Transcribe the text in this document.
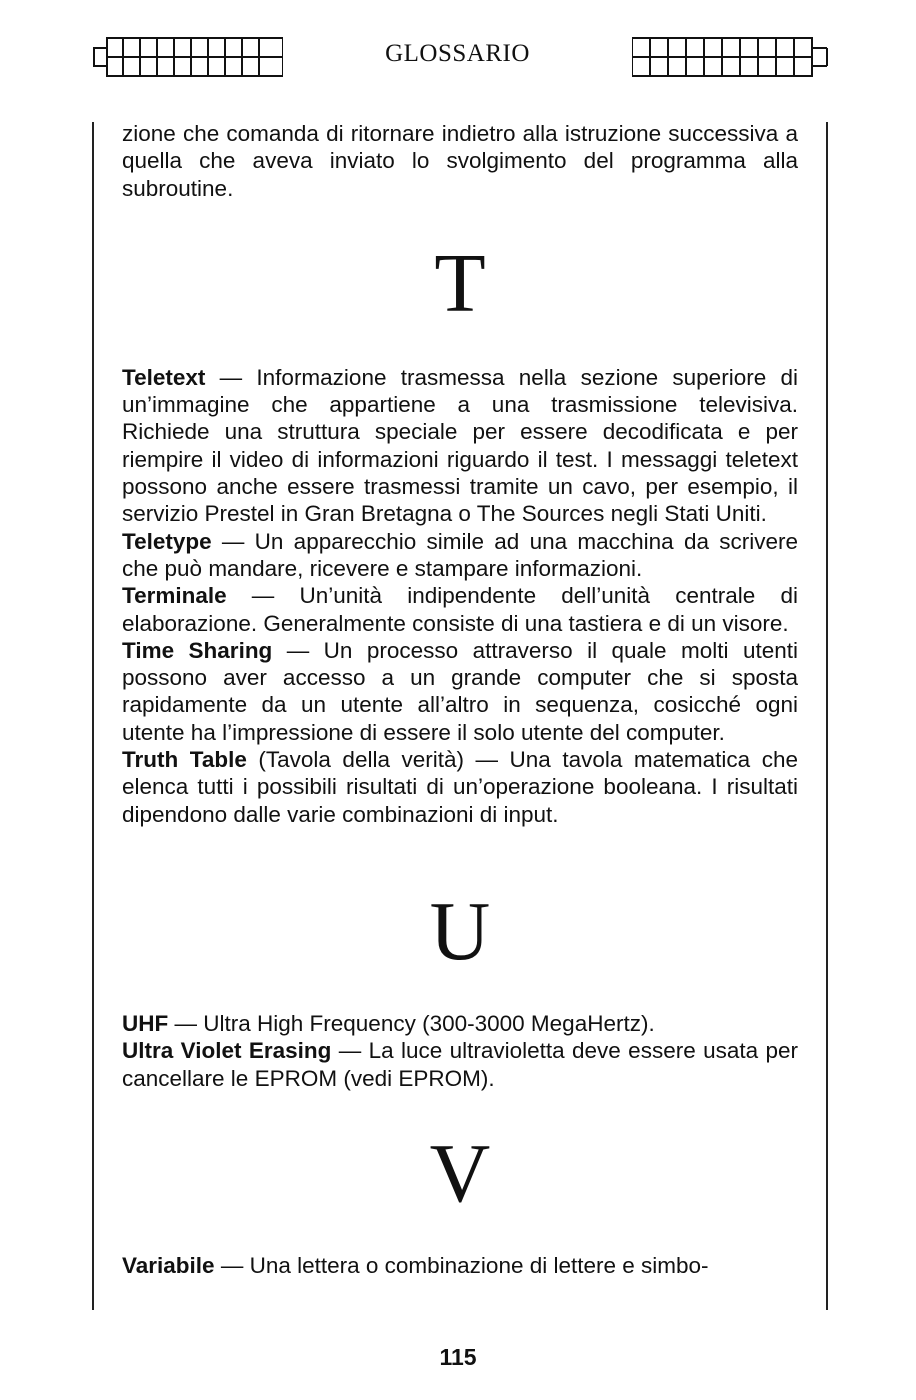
GLOSSARIO

zione che comanda di ritornare indietro alla istruzione successiva a quella che aveva inviato lo svolgimento del programma alla subroutine.

T

Teletext — Informazione trasmessa nella sezione superiore di un’immagine che appartiene a una trasmissione televisiva. Richiede una struttura speciale per essere decodificata e per riempire il video di informazioni riguardo il test. I messaggi teletext possono anche essere trasmessi tramite un cavo, per esempio, il servizio Prestel in Gran Bretagna o The Sources negli Stati Uniti.

Teletype — Un apparecchio simile ad una macchina da scrivere che può mandare, ricevere e stampare informazioni.

Terminale — Un’unità indipendente dell’unità centrale di elaborazione. Generalmente consiste di una tastiera e di un visore.

Time Sharing — Un processo attraverso il quale molti utenti possono aver accesso a un grande computer che si sposta rapidamente da un utente all’altro in sequenza, cosicché ogni utente ha l’impressione di essere il solo utente del computer.

Truth Table (Tavola della verità) — Una tavola matematica che elenca tutti i possibili risultati di un’operazione booleana. I risultati dipendono dalle varie combinazioni di input.

U

UHF — Ultra High Frequency (300-3000 MegaHertz).

Ultra Violet Erasing — La luce ultravioletta deve essere usata per cancellare le EPROM (vedi EPROM).

V

Variabile — Una lettera o combinazione di lettere e simbo-

115
